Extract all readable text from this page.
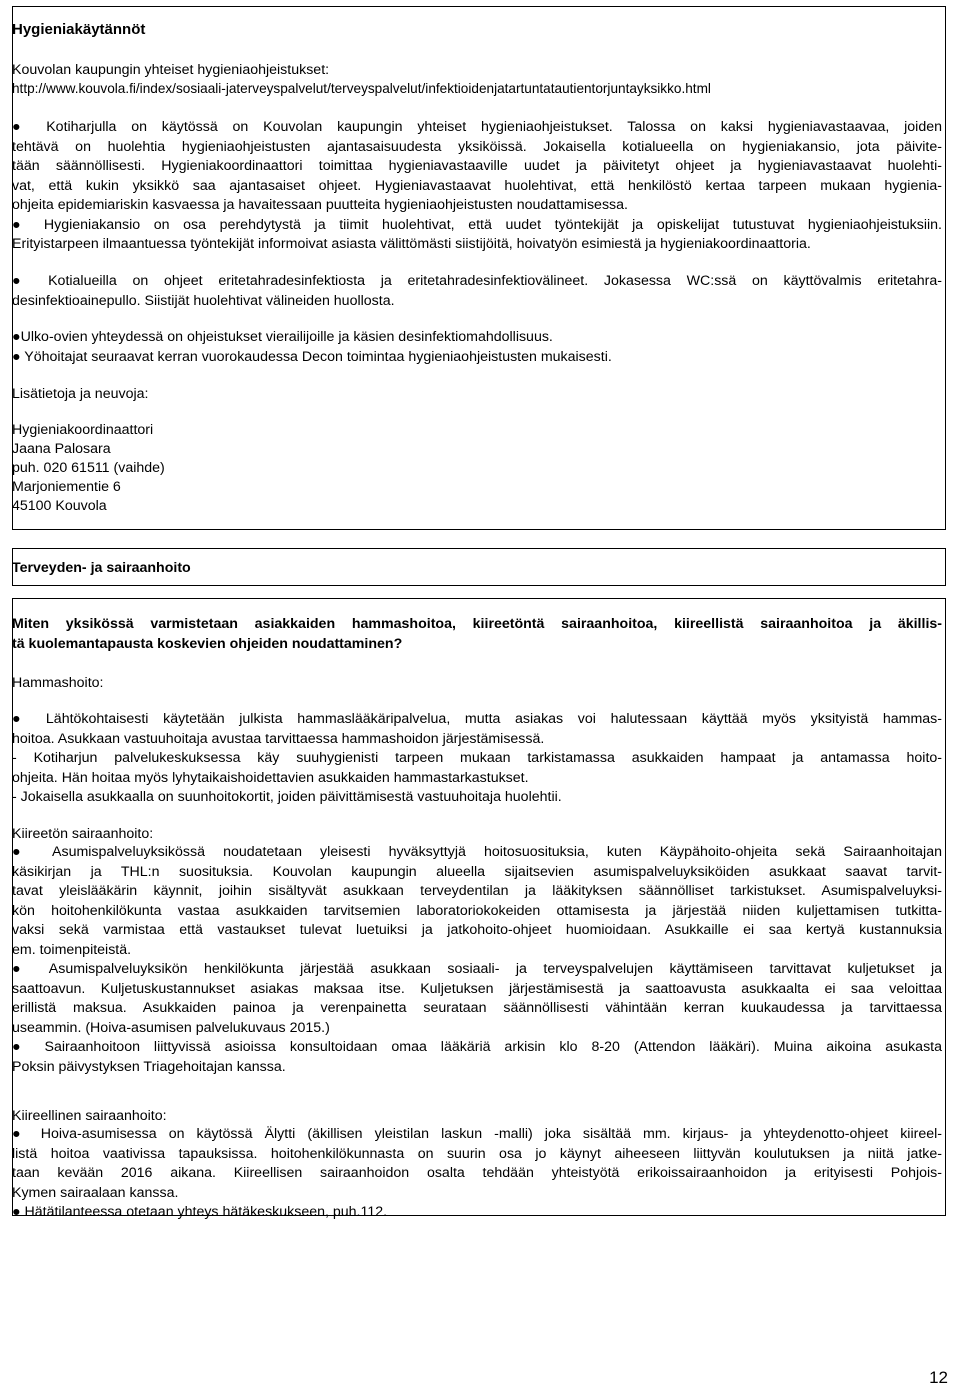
Hygieniakäytännöt
Kouvolan kaupungin yhteiset hygieniaohjeistukset:
http://www.kouvola.fi/index/sosiaali-jaterveyspalvelut/terveyspalvelut/infektioidenjatartuntatautientorjuntayksikko.html
● Kotiharjulla on käytössä on Kouvolan kaupungin yhteiset hygieniaohjeistukset. Talossa on kaksi hygieniavastaavaa, joiden
tehtävä on huolehtia hygieniaohjeistusten ajantasaisuudesta yksiköissä. Jokaisella kotialueella on hygieniakansio, jota päivite-
tään säännöllisesti. Hygieniakoordinaattori toimittaa hygieniavastaaville uudet ja päivitetyt ohjeet ja hygieniavastaavat huolehti-
vat, että kukin yksikkö saa ajantasaiset ohjeet. Hygieniavastaavat huolehtivat, että henkilöstö kertaa tarpeen mukaan hygienia-
ohjeita epidemiariskin kasvaessa ja havaitessaan puutteita hygieniaohjeistusten noudattamisessa.
● Hygieniakansio on osa perehdytystä ja tiimit huolehtivat, että uudet työntekijät ja opiskelijat tutustuvat hygieniaohjeistuksiin.
Erityistarpeen ilmaantuessa työntekijät informoivat asiasta välittömästi siistijöitä, hoivatyön esimiestä ja hygieniakoordinaattoria.
● Kotialueilla on ohjeet eritetahradesinfektiosta ja eritetahradesinfektiovälineet. Jokasessa WC:ssä on käyttövalmis eritetahra-
desinfektioainepullo. Siistijät huolehtivat välineiden huollosta.
●Ulko-ovien yhteydessä on ohjeistukset vierailijoille ja käsien desinfektiomahdollisuus.
● Yöhoitajat seuraavat kerran vuorokaudessa Decon toimintaa hygieniaohjeistusten mukaisesti.
Lisätietoja ja neuvoja:
Hygieniakoordinaattori
Jaana Palosara
puh. 020 61511 (vaihde)
Marjoniementie 6
45100 Kouvola
Terveyden- ja sairaanhoito
Miten yksikössä varmistetaan asiakkaiden hammashoitoa, kiireetöntä sairaanhoitoa, kiireellistä sairaanhoitoa ja äkillis-
tä kuolemantapausta koskevien ohjeiden noudattaminen?
Hammashoito:
● Lähtökohtaisesti käytetään julkista hammaslääkäripalvelua, mutta asiakas voi halutessaan käyttää myös yksityistä hammas-
hoitoa. Asukkaan vastuuhoitaja avustaa tarvittaessa hammashoidon järjestämisessä.
- Kotiharjun palvelukeskuksessa käy suuhygienisti tarpeen mukaan tarkistamassa asukkaiden hampaat ja antamassa hoito-
ohjeita. Hän hoitaa myös lyhytaikaishoidettavien asukkaiden hammastarkastukset.
- Jokaisella asukkaalla on suunhoitokortit, joiden päivittämisestä vastuuhoitaja huolehtii.
Kiireetön sairaanhoito:
● Asumispalveluyksikössä noudatetaan yleisesti hyväksyttyjä hoitosuosituksia, kuten Käypähoito-ohjeita sekä Sairaanhoitajan
käsikirjan ja THL:n suosituksia. Kouvolan kaupungin alueella sijaitsevien asumispalveluyksiköiden asukkaat saavat tarvit-
tavat yleislääkärin käynnit, joihin sisältyvät asukkaan terveydentilan ja lääkityksen säännölliset tarkistukset. Asumispalveluyksi-
kön hoitohenkilökunta vastaa asukkaiden tarvitsemien laboratoriokokeiden ottamisesta ja järjestää niiden kuljettamisen tutkitta-
vaksi sekä varmistaa että vastaukset tulevat luetuiksi ja jatkohoito-ohjeet huomioidaan. Asukkaille ei saa kertyä kustannuksia
em. toimenpiteistä.
● Asumispalveluyksikön henkilökunta järjestää asukkaan sosiaali- ja terveyspalvelujen käyttämiseen tarvittavat kuljetukset ja
saattoavun. Kuljetuskustannukset asiakas maksaa itse. Kuljetuksen järjestämisestä ja saattoavusta asukkaalta ei saa veloittaa
erillistä maksua. Asukkaiden painoa ja verenpainetta seurataan säännöllisesti vähintään kerran kuukaudessa ja tarvittaessa
useammin. (Hoiva-asumisen palvelukuvaus 2015.)
● Sairaanhoitoon liittyvissä asioissa konsultoidaan omaa lääkäriä arkisin klo 8-20 (Attendon lääkäri). Muina aikoina asukasta
Poksin päivystyksen Triagehoitajan kanssa.
Kiireellinen sairaanhoito:
● Hoiva-asumisessa on käytössä Älytti (äkillisen yleistilan laskun -malli) joka sisältää mm. kirjaus- ja yhteydenotto-ohjeet kiireel-
listä hoitoa vaativissa tapauksissa. hoitohenkilökunnasta on suurin osa jo käynyt aiheeseen liittyvän koulutuksen ja niitä jatke-
taan kevään 2016 aikana. Kiireellisen sairaanhoidon osalta tehdään yhteistyötä erikoissairaanhoidon ja erityisesti Pohjois-
Kymen sairaalaan kanssa.
● Hätätilanteessa otetaan yhteys hätäkeskukseen, puh.112.
12
